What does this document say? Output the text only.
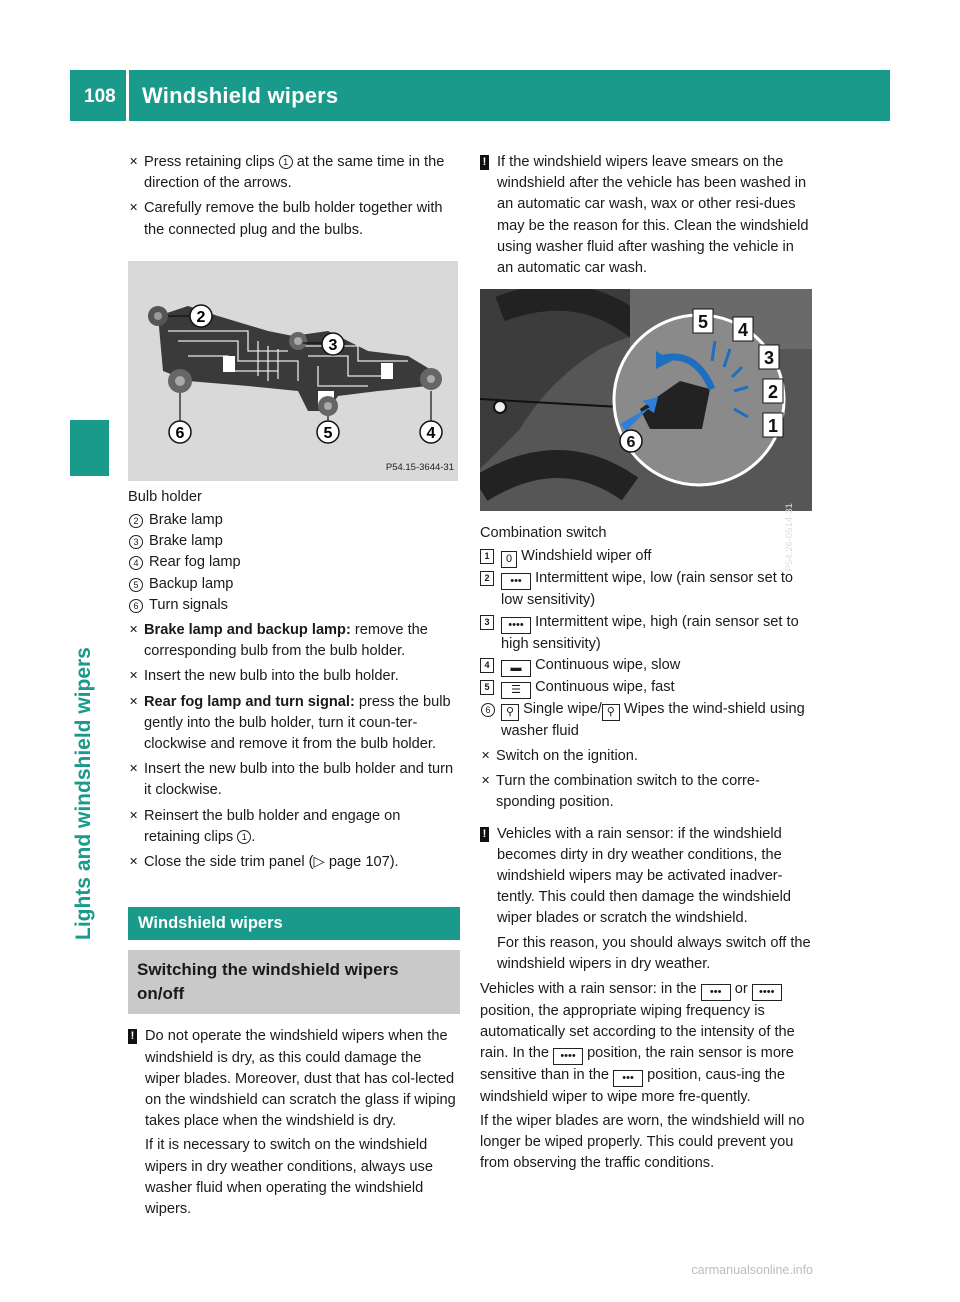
108 Windshield wipers
Lights and windshield wipers
✕ Press retaining clips 1 at the same time in the direction of the arrows.
✕ Carefully remove the bulb holder together with the connected plug and the bulbs.
2
3
6	5	4
P54.15-3644-31

Bulb holder

2 Brake lamp
3 Brake lamp
4 Rear fog lamp
5 Backup lamp
6 Turn signals
✕ Brake lamp and backup lamp: remove the corresponding bulb from the bulb holder.
✕ Insert the new bulb into the bulb holder.
✕ Rear fog lamp and turn signal: press the bulb gently into the bulb holder, turn it coun-ter-clockwise and remove it from the bulb holder.
✕ Insert the new bulb into the bulb holder and turn it clockwise.
✕ Reinsert the bulb holder and engage on retaining clips 1 .
✕ Close the side trim panel (▷ page 107).
Windshield wipers
Switching the windshield wipers on/off
! Do not operate the windshield wipers when the windshield is dry, as this could damage the wiper blades. Moreover, dust that has col-lected on the windshield can scratch the glass if wiping takes place when the windshield is dry.

If it is necessary to switch on the windshield wipers in dry weather conditions, always use washer fluid when operating the windshield wipers.

! If the windshield wipers leave smears on the windshield after the vehicle has been washed in an automatic car wash, wax or other resi-dues may be the reason for this. Clean the windshield using washer fluid after washing the vehicle in an automatic car wash.

5 4
3
2
1
6
P54.26-0514-31

Combination switch

1	0 Windshield wiper off
2	••• Intermittent wipe, low (rain sensor set to low sensitivity)
3	•••• Intermittent wipe, high (rain sensor set to high sensitivity)
4	▬ Continuous wipe, slow
5	☰ Continuous wipe, fast
6	⚲ Single wipe/ ⚲ Wipes the wind-shield using washer fluid
✕ Switch on the ignition.
✕ Turn the combination switch to the corre-sponding position.
! Vehicles with a rain sensor: if the windshield becomes dirty in dry weather conditions, the windshield wipers may be activated inadver-tently. This could then damage the windshield wiper blades or scratch the windshield.

For this reason, you should always switch off the windshield wipers in dry weather.

Vehicles with a rain sensor: in the ••• or •••• position, the appropriate wiping frequency is automatically set according to the intensity of the rain. In the •••• position, the rain sensor is more sensitive than in the ••• position, caus-ing the windshield wiper to wipe more fre-quently.

If the wiper blades are worn, the windshield will no longer be wiped properly. This could prevent you from observing the traffic conditions.

carmanualsonline.info
